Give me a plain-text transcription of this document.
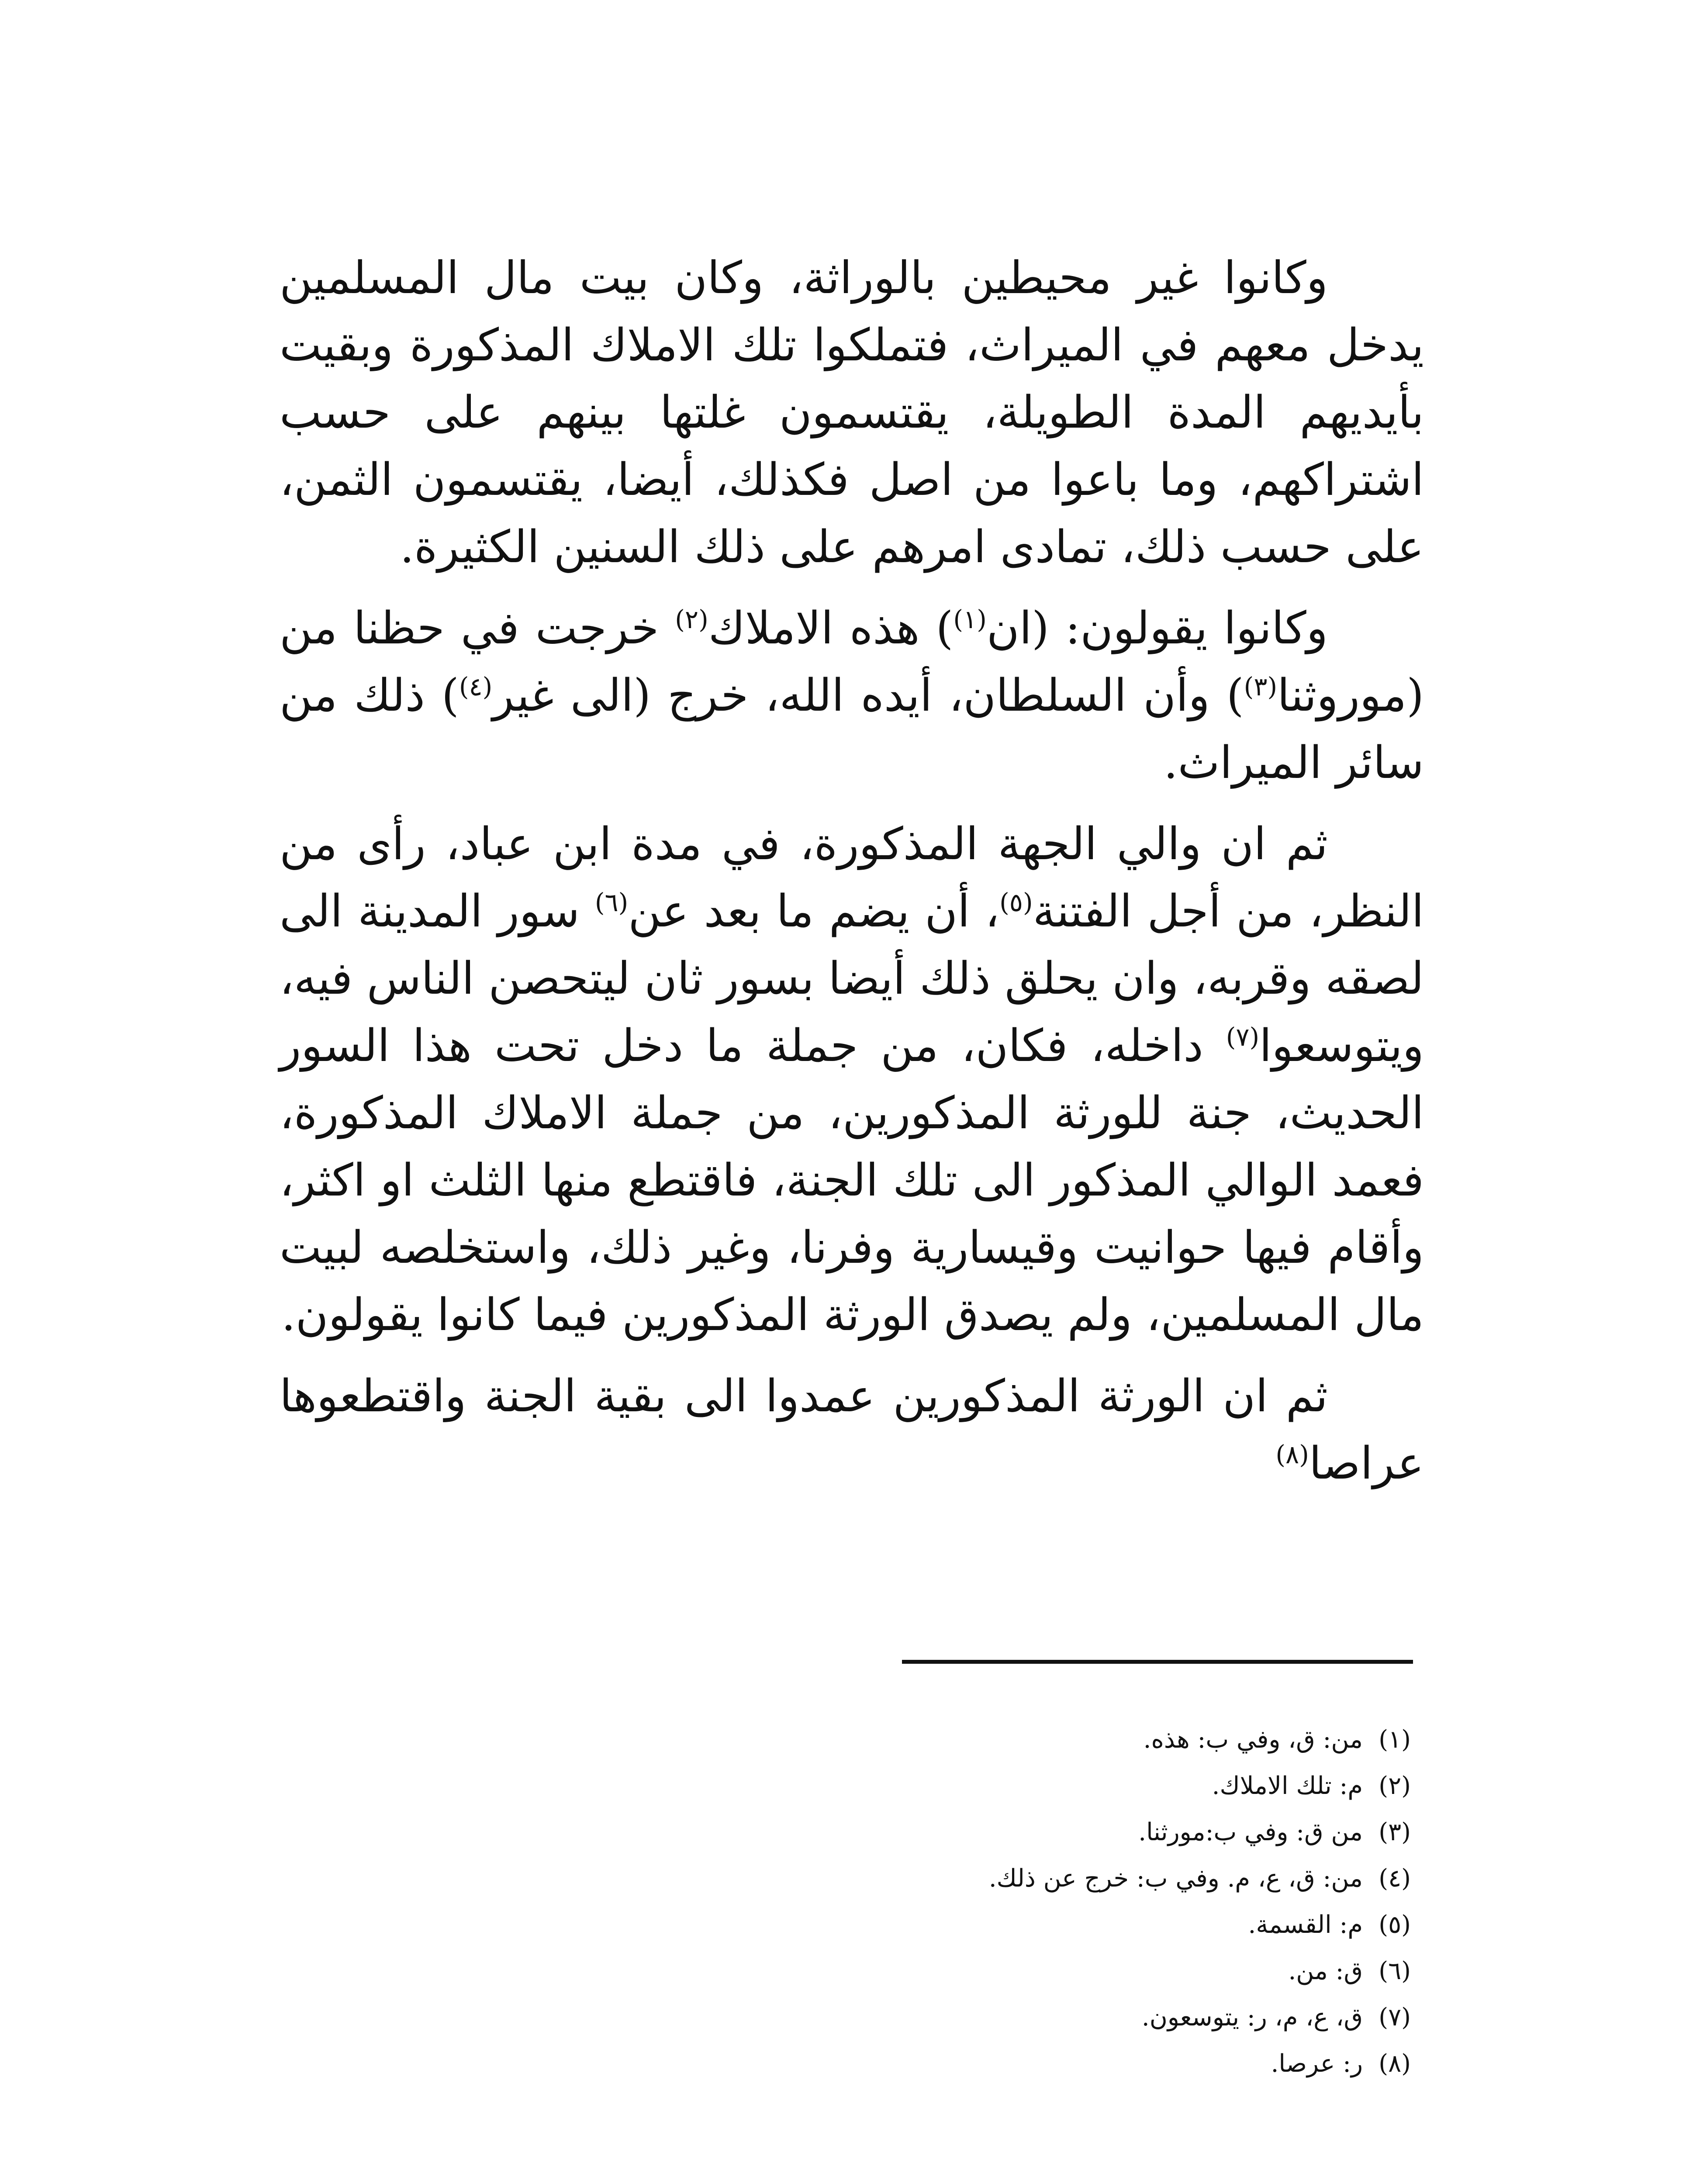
وكانوا غير محيطين بالوراثة، وكان بيت مال المسلمين يدخل معهم في الميراث، فتملكوا تلك الاملاك المذكورة وبقيت بأيديهم المدة الطويلة، يقتسمون غلتها بينهم على حسب اشتراكهم، وما باعوا من اصل فكذلك، أيضا، يقتسمون الثمن، على حسب ذلك، تمادى امرهم على ذلك السنين الكثيرة.

وكانوا يقولون: (ان$^{(١)}$) هذه الاملاك$^{(٢)}$ خرجت في حظنا من (موروثنا$^{(٣)}$) وأن السلطان، أيده الله، خرج (الى غير$^{(٤)}$) ذلك من سائر الميراث.

ثم ان والي الجهة المذكورة، في مدة ابن عباد، رأى من النظر، من أجل الفتنة$^{(٥)}$، أن يضم ما بعد عن$^{(٦)}$ سور المدينة الى لصقه وقربه، وان يحلق ذلك أيضا بسور ثان ليتحصن الناس فيه، ويتوسعوا$^{(٧)}$ داخله، فكان، من جملة ما دخل تحت هذا السور الحديث، جنة للورثة المذكورين، من جملة الاملاك المذكورة، فعمد الوالي المذكور الى تلك الجنة، فاقتطع منها الثلث او اكثر، وأقام فيها حوانيت وقيسارية وفرنا، وغير ذلك، واستخلصه لبيت مال المسلمين، ولم يصدق الورثة المذكورين فيما كانوا يقولون.

ثم ان الورثة المذكورين عمدوا الى بقية الجنة واقتطعوها عراصا$^{(٨)}$

(١)
من: ق، وفي ب: هذه.
(٢)
م: تلك الاملاك.
(٣)
من ق: وفي ب:مورثنا.
(٤)
من: ق، ع، م. وفي ب: خرج عن ذلك.
(٥)
م: القسمة.
(٦)
ق: من.
(٧)
ق، ع، م، ر: يتوسعون.
(٨)
ر: عرصا.
